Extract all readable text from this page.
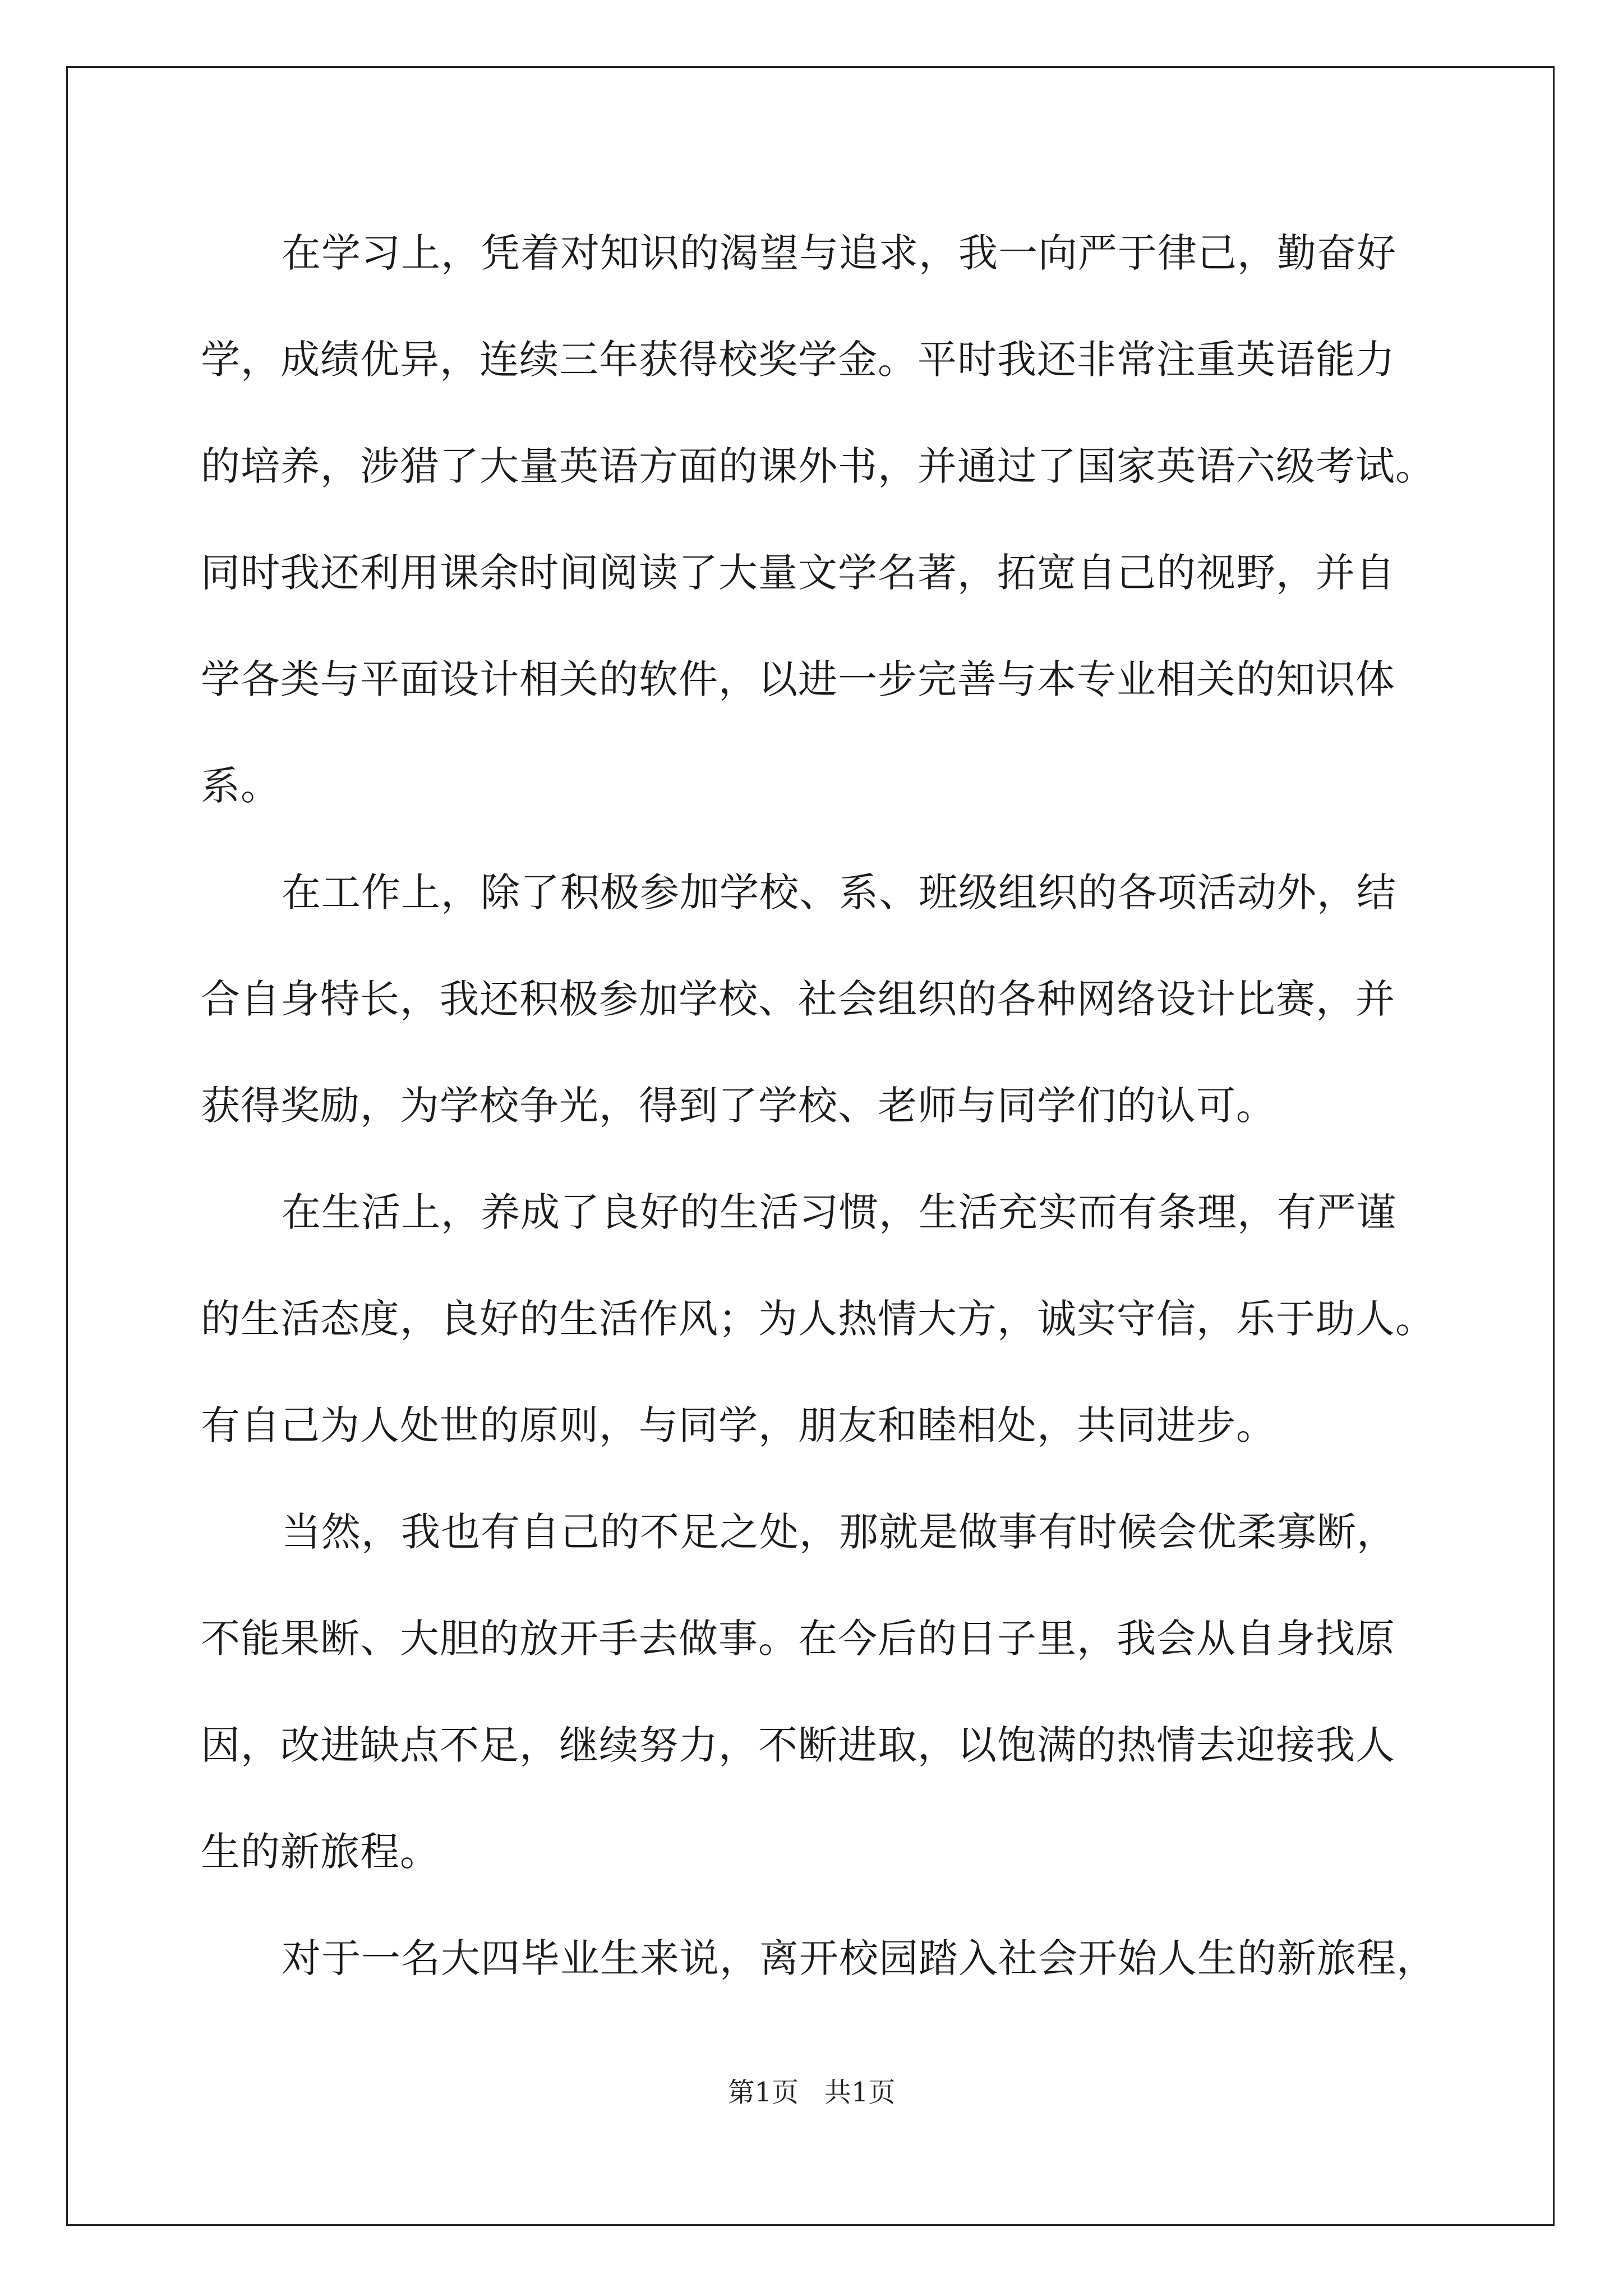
在学习上，凭着对知识的渴望与追求，我一向严于律己，勤奋好
学，成绩优异，连续三年获得校奖学金。平时我还非常注重英语能力
的培养，涉猎了大量英语方面的课外书，并通过了国家英语六级考试。
同时我还利用课余时间阅读了大量文学名著，拓宽自己的视野，并自
学各类与平面设计相关的软件，以进一步完善与本专业相关的知识体
系。
在工作上，除了积极参加学校、系、班级组织的各项活动外，结
合自身特长，我还积极参加学校、社会组织的各种网络设计比赛，并
获得奖励，为学校争光，得到了学校、老师与同学们的认可。
在生活上，养成了良好的生活习惯，生活充实而有条理，有严谨
的生活态度，良好的生活作风；为人热情大方，诚实守信，乐于助人。
有自己为人处世的原则，与同学，朋友和睦相处，共同进步。
当然，我也有自己的不足之处，那就是做事有时候会优柔寡断，
不能果断、大胆的放开手去做事。在今后的日子里，我会从自身找原
因，改进缺点不足，继续努力，不断进取，以饱满的热情去迎接我人
生的新旅程。
对于一名大四毕业生来说，离开校园踏入社会开始人生的新旅程，
第1页   共1页
